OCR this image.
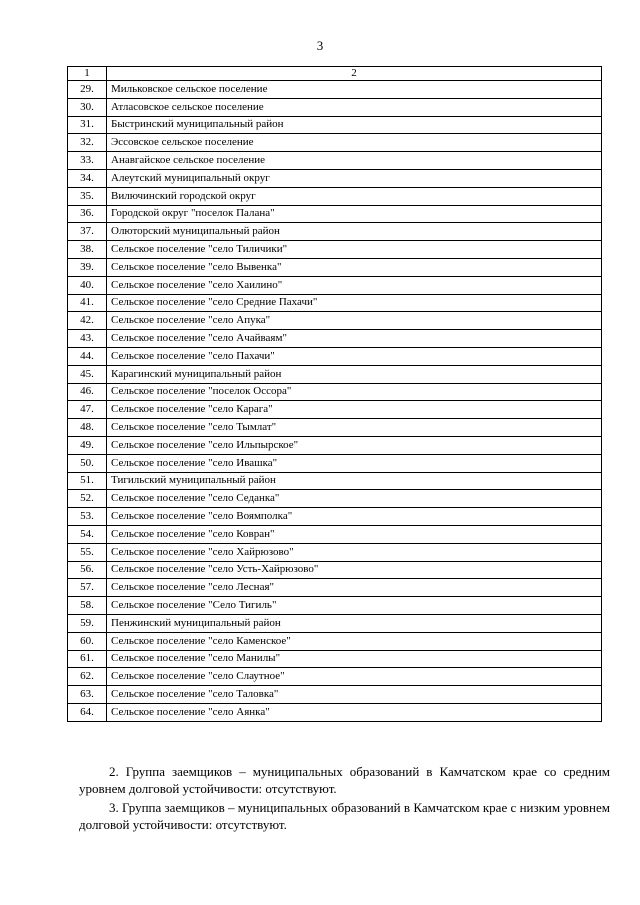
3
1	2
29.	Мильковское сельское поселение
30.	Атласовское сельское поселение
31.	Быстринский муниципальный район
32.	Эссовское сельское поселение
33.	Анавгайское сельское поселение
34.	Алеутский муниципальный округ
35.	Вилючинский городской округ
36.	Городской округ "поселок Палана"
37.	Олюторский муниципальный район
38.	Сельское поселение "село Тиличики"
39.	Сельское поселение "село Вывенка"
40.	Сельское поселение "село Хаилино"
41.	Сельское поселение "село Средние Пахачи"
42.	Сельское поселение "село Апука"
43.	Сельское поселение "село Ачайваям"
44.	Сельское поселение "село Пахачи"
45.	Карагинский муниципальный район
46.	Сельское поселение "поселок Оссора"
47.	Сельское поселение "село Карага"
48.	Сельское поселение "село Тымлат"
49.	Сельское поселение "село Ильпырское"
50.	Сельское поселение "село Ивашка"
51.	Тигильский муниципальный район
52.	Сельское поселение "село Седанка"
53.	Сельское поселение "село Воямполка"
54.	Сельское поселение "село Ковран"
55.	Сельское поселение "село Хайрюзово"
56.	Сельское поселение "село Усть-Хайрюзово"
57.	Сельское поселение "село Лесная"
58.	Сельское поселение "Село Тигиль"
59.	Пенжинский муниципальный район
60.	Сельское поселение "село Каменское"
61.	Сельское поселение "село Манилы"
62.	Сельское поселение "село Слаутное"
63.	Сельское поселение "село Таловка"
64.	Сельское поселение "село Аянка"

2. Группа заемщиков – муниципальных образований в Камчатском крае со средним уровнем долговой устойчивости: отсутствуют.

3. Группа заемщиков – муниципальных образований в Камчатском крае с низким уровнем долговой устойчивости: отсутствуют.
